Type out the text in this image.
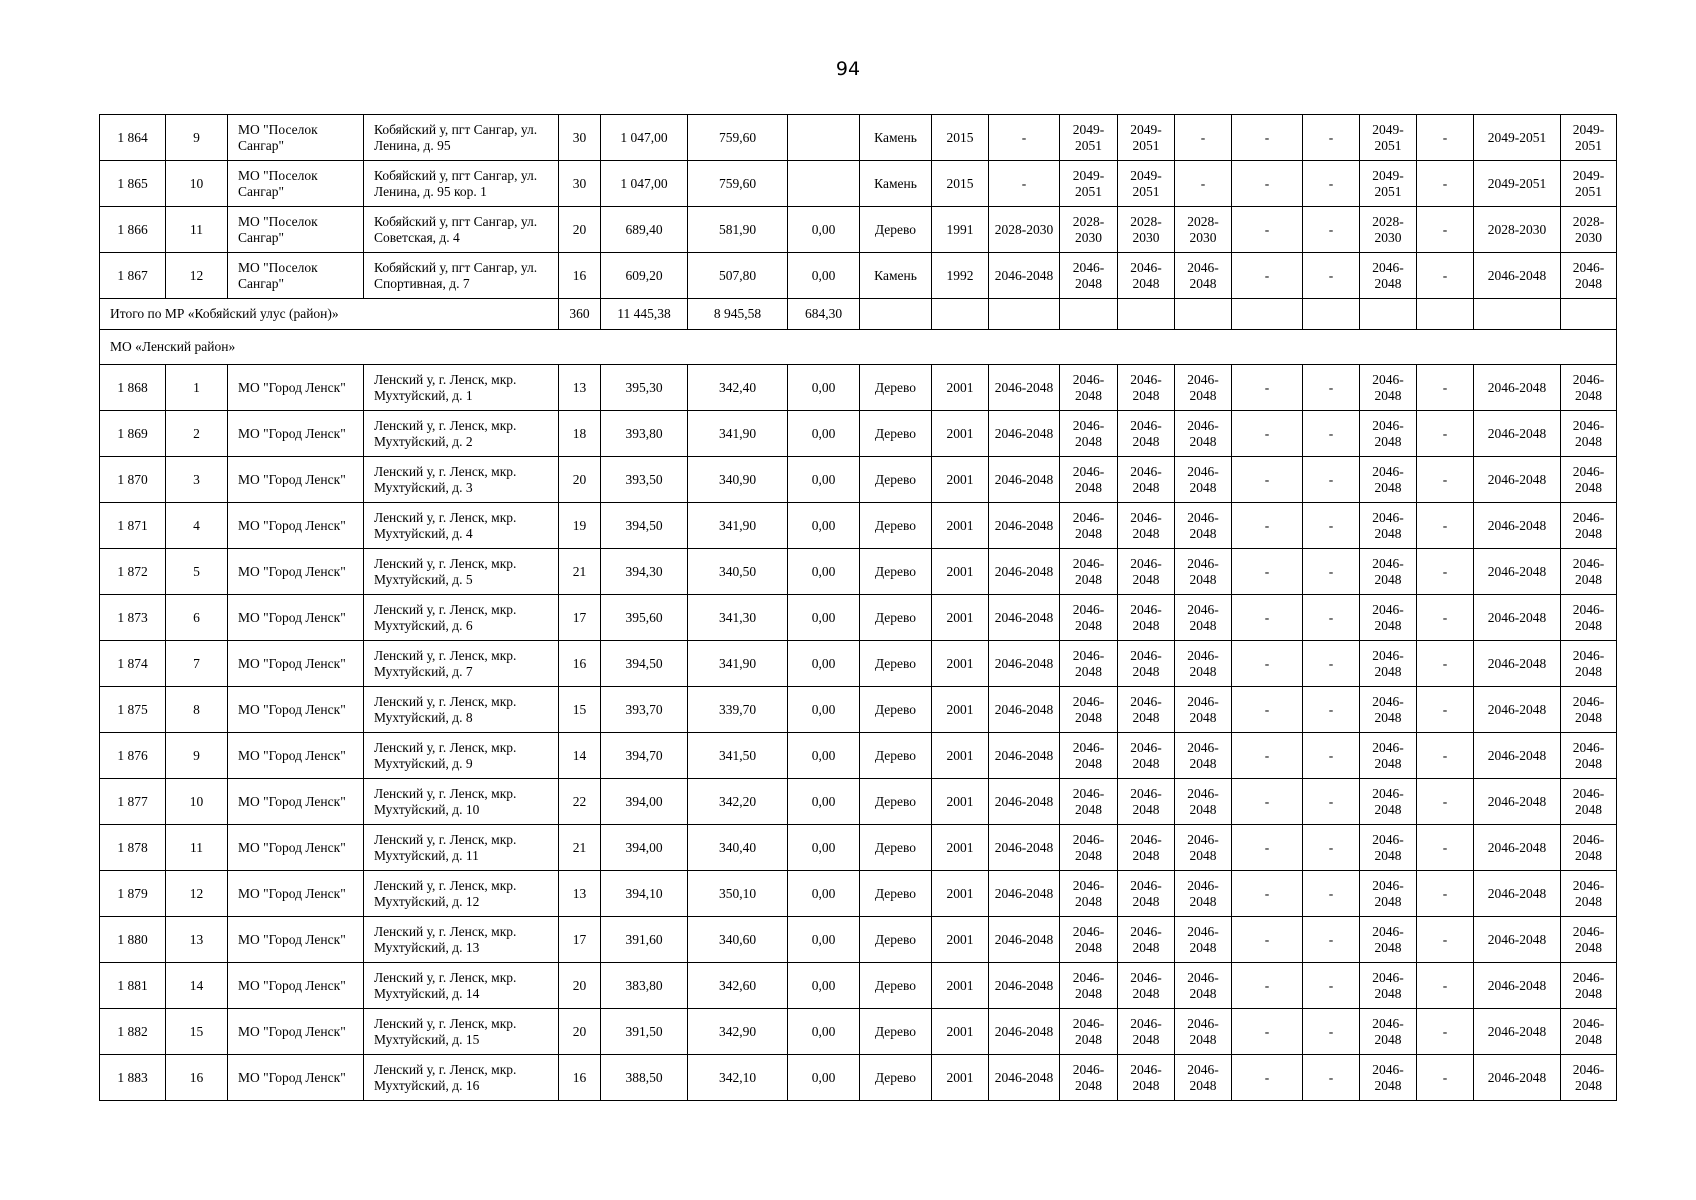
94
1 864	9	МО "Поселок Сангар"	Кобяйский у, пгт Сангар, ул. Ленина, д. 95	30	1 047,00	759,60		Камень	2015	-	2049-2051	2049-2051	-	-	-	2049-2051	-	2049-2051	2049-2051
1 865	10	МО "Поселок Сангар"	Кобяйский у, пгт Сангар, ул. Ленина, д. 95 кор. 1	30	1 047,00	759,60		Камень	2015	-	2049-2051	2049-2051	-	-	-	2049-2051	-	2049-2051	2049-2051
1 866	11	МО "Поселок Сангар"	Кобяйский у, пгт Сангар, ул. Советская, д. 4	20	689,40	581,90	0,00	Дерево	1991	2028-2030	2028-2030	2028-2030	2028-2030	-	-	2028-2030	-	2028-2030	2028-2030
1 867	12	МО "Поселок Сангар"	Кобяйский у, пгт Сангар, ул. Спортивная, д. 7	16	609,20	507,80	0,00	Камень	1992	2046-2048	2046-2048	2046-2048	2046-2048	-	-	2046-2048	-	2046-2048	2046-2048
Итого по МР «Кобяйский улус (район)»				360	11 445,38	8 945,58	684,30												
МО «Ленский район»																			
1 868	1	МО "Город Ленск"	Ленский у, г. Ленск, мкр. Мухтуйский, д. 1	13	395,30	342,40	0,00	Дерево	2001	2046-2048	2046-2048	2046-2048	2046-2048	-	-	2046-2048	-	2046-2048	2046-2048
1 869	2	МО "Город Ленск"	Ленский у, г. Ленск, мкр. Мухтуйский, д. 2	18	393,80	341,90	0,00	Дерево	2001	2046-2048	2046-2048	2046-2048	2046-2048	-	-	2046-2048	-	2046-2048	2046-2048
1 870	3	МО "Город Ленск"	Ленский у, г. Ленск, мкр. Мухтуйский, д. 3	20	393,50	340,90	0,00	Дерево	2001	2046-2048	2046-2048	2046-2048	2046-2048	-	-	2046-2048	-	2046-2048	2046-2048
1 871	4	МО "Город Ленск"	Ленский у, г. Ленск, мкр. Мухтуйский, д. 4	19	394,50	341,90	0,00	Дерево	2001	2046-2048	2046-2048	2046-2048	2046-2048	-	-	2046-2048	-	2046-2048	2046-2048
1 872	5	МО "Город Ленск"	Ленский у, г. Ленск, мкр. Мухтуйский, д. 5	21	394,30	340,50	0,00	Дерево	2001	2046-2048	2046-2048	2046-2048	2046-2048	-	-	2046-2048	-	2046-2048	2046-2048
1 873	6	МО "Город Ленск"	Ленский у, г. Ленск, мкр. Мухтуйский, д. 6	17	395,60	341,30	0,00	Дерево	2001	2046-2048	2046-2048	2046-2048	2046-2048	-	-	2046-2048	-	2046-2048	2046-2048
1 874	7	МО "Город Ленск"	Ленский у, г. Ленск, мкр. Мухтуйский, д. 7	16	394,50	341,90	0,00	Дерево	2001	2046-2048	2046-2048	2046-2048	2046-2048	-	-	2046-2048	-	2046-2048	2046-2048
1 875	8	МО "Город Ленск"	Ленский у, г. Ленск, мкр. Мухтуйский, д. 8	15	393,70	339,70	0,00	Дерево	2001	2046-2048	2046-2048	2046-2048	2046-2048	-	-	2046-2048	-	2046-2048	2046-2048
1 876	9	МО "Город Ленск"	Ленский у, г. Ленск, мкр. Мухтуйский, д. 9	14	394,70	341,50	0,00	Дерево	2001	2046-2048	2046-2048	2046-2048	2046-2048	-	-	2046-2048	-	2046-2048	2046-2048
1 877	10	МО "Город Ленск"	Ленский у, г. Ленск, мкр. Мухтуйский, д. 10	22	394,00	342,20	0,00	Дерево	2001	2046-2048	2046-2048	2046-2048	2046-2048	-	-	2046-2048	-	2046-2048	2046-2048
1 878	11	МО "Город Ленск"	Ленский у, г. Ленск, мкр. Мухтуйский, д. 11	21	394,00	340,40	0,00	Дерево	2001	2046-2048	2046-2048	2046-2048	2046-2048	-	-	2046-2048	-	2046-2048	2046-2048
1 879	12	МО "Город Ленск"	Ленский у, г. Ленск, мкр. Мухтуйский, д. 12	13	394,10	350,10	0,00	Дерево	2001	2046-2048	2046-2048	2046-2048	2046-2048	-	-	2046-2048	-	2046-2048	2046-2048
1 880	13	МО "Город Ленск"	Ленский у, г. Ленск, мкр. Мухтуйский, д. 13	17	391,60	340,60	0,00	Дерево	2001	2046-2048	2046-2048	2046-2048	2046-2048	-	-	2046-2048	-	2046-2048	2046-2048
1 881	14	МО "Город Ленск"	Ленский у, г. Ленск, мкр. Мухтуйский, д. 14	20	383,80	342,60	0,00	Дерево	2001	2046-2048	2046-2048	2046-2048	2046-2048	-	-	2046-2048	-	2046-2048	2046-2048
1 882	15	МО "Город Ленск"	Ленский у, г. Ленск, мкр. Мухтуйский, д. 15	20	391,50	342,90	0,00	Дерево	2001	2046-2048	2046-2048	2046-2048	2046-2048	-	-	2046-2048	-	2046-2048	2046-2048
1 883	16	МО "Город Ленск"	Ленский у, г. Ленск, мкр. Мухтуйский, д. 16	16	388,50	342,10	0,00	Дерево	2001	2046-2048	2046-2048	2046-2048	2046-2048	-	-	2046-2048	-	2046-2048	2046-2048
